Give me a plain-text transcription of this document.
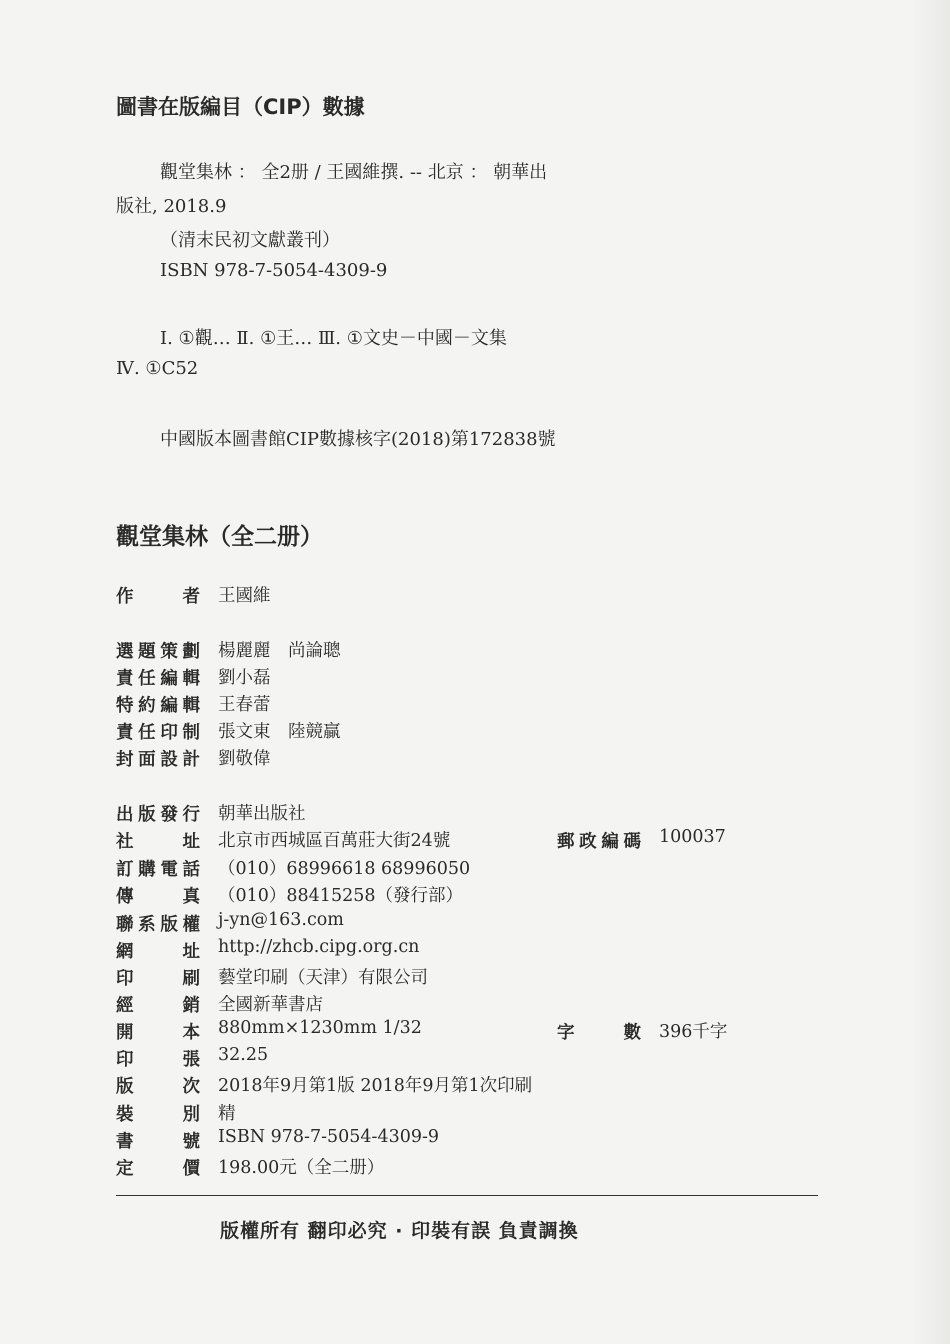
圖書在版編目（CIP）數據
觀堂集林 ： 全2册 / 王國維撰. -- 北京 ： 朝華出
版社, 2018.9
（清末民初文獻叢刊）
ISBN 978-7-5054-4309-9
Ⅰ. ①觀… Ⅱ. ①王… Ⅲ. ①文史－中國－文集
Ⅳ. ①C52
中國版本圖書館CIP數據核字(2018)第172838號
觀堂集林（全二册）
作	者 王國維
選 題 策 劃 楊麗麗　尚論聰
責 任 編 輯 劉小磊
特 約 編 輯 王春蕾
責 任 印 制 張文東　陸競贏
封 面 設 計 劉敬偉
出 版 發 行 朝華出版社
社	址 北京市西城區百萬莊大街24號	郵 政 編 碼 100037
訂 購 電 話 （010）68996618 68996050
傳	真 （010）88415258（發行部）
聯 系 版 權 j-yn@163.com
網	址 http://zhcb.cipg.org.cn
印	刷 藝堂印刷（天津）有限公司
經	銷 全國新華書店
開	本 880mm×1230mm 1/32	字	數 396千字
印	張 32.25
版	次 2018年9月第1版 2018年9月第1次印刷
裝	別 精
書	號 ISBN 978-7-5054-4309-9
定	價 198.00元（全二册）
版權所有 翻印必究 · 印裝有誤 負責調換
